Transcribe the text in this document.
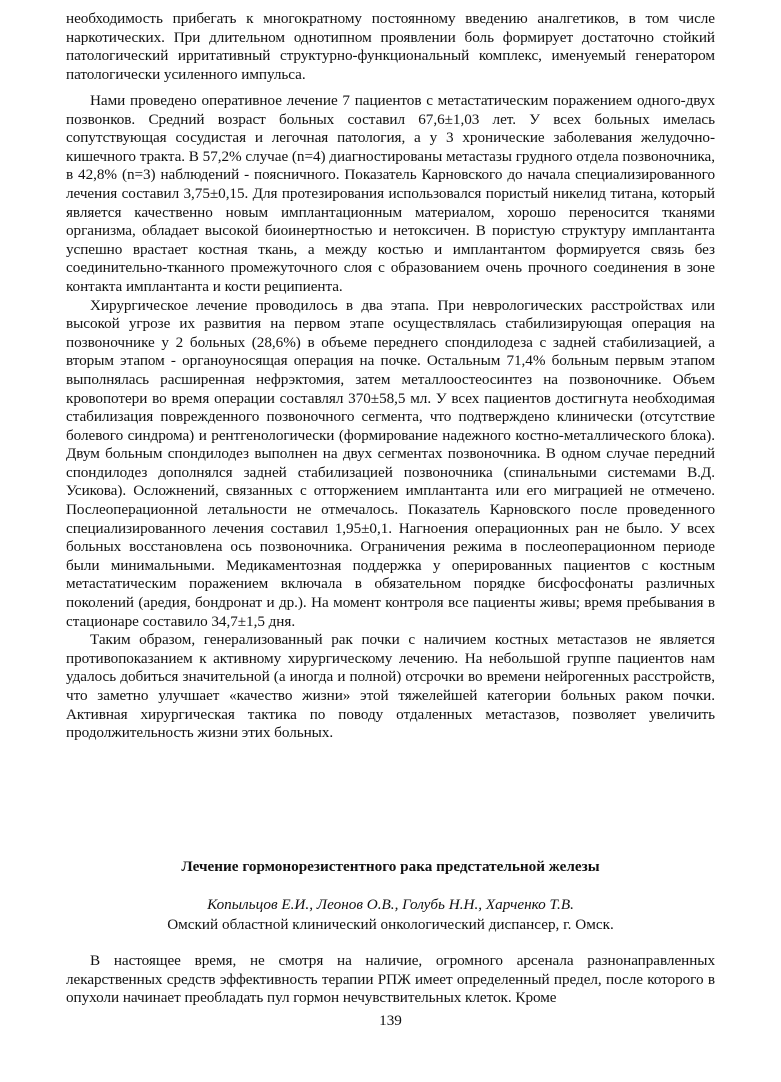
необходимость прибегать к многократному постоянному введению аналгетиков, в том числе наркотических. При длительном однотипном проявлении боль формирует достаточно стойкий патологический ирритативный структурно-функциональный комплекс, именуемый генератором патологически усиленного импульса.

Нами проведено оперативное лечение 7 пациентов с метастатическим поражением одного-двух позвонков. Средний возраст больных составил 67,6±1,03 лет. У всех больных имелась сопутствующая сосудистая и легочная патология, а у 3 хронические заболевания желудочно-кишечного тракта. В 57,2% случае (n=4) диагностированы метастазы грудного отдела позвоночника, в 42,8% (n=3) наблюдений - поясничного. Показатель Карновского до начала специализированного лечения составил 3,75±0,15. Для протезирования использовался пористый никелид титана, который является качественно новым имплантационным материалом, хорошо переносится тканями организма, обладает высокой биоинертностью и нетоксичен. В пористую структуру имплантанта успешно врастает костная ткань, а между костью и имплантантом формируется связь без соединительно-тканного промежуточного слоя с образованием очень прочного соединения в зоне контакта имплантанта и кости реципиента.

Хирургическое лечение проводилось в два этапа. При неврологических расстройствах или высокой угрозе их развития на первом этапе осуществлялась стабилизирующая операция на позвоночнике у 2 больных (28,6%) в объеме переднего спондилодеза с задней стабилизацией, а вторым этапом - органоуносящая операция на почке. Остальным 71,4% больным первым этапом выполнялась расширенная нефрэктомия, затем металлоостеосинтез на позвоночнике. Объем кровопотери во время операции составлял 370±58,5 мл. У всех пациентов достигнута необходимая стабилизация поврежденного позвоночного сегмента, что подтверждено клинически (отсутствие болевого синдрома) и рентгенологически (формирование надежного костно-металлического блока). Двум больным спондилодез выполнен на двух сегментах позвоночника. В одном случае передний спондилодез дополнялся задней стабилизацией позвоночника (спинальными системами В.Д. Усикова). Осложнений, связанных с отторжением имплантанта или его миграцией не отмечено. Послеоперационной летальности не отмечалось. Показатель Карновского после проведенного специализированного лечения составил 1,95±0,1. Нагноения операционных ран не было. У всех больных восстановлена ось позвоночника. Ограничения режима в послеоперационном периоде были минимальными. Медикаментозная поддержка у оперированных пациентов с костным метастатическим поражением включала в обязательном порядке бисфосфонаты различных поколений (аредия, бондронат и др.). На момент контроля все пациенты живы; время пребывания в стационаре составило 34,7±1,5 дня.

Таким образом, генерализованный рак почки с наличием костных метастазов не является противопоказанием к активному хирургическому лечению. На небольшой группе пациентов нам удалось добиться значительной (а иногда и полной) отсрочки во времени нейрогенных расстройств, что заметно улучшает «качество жизни» этой тяжелейшей категории больных раком почки. Активная хирургическая тактика по поводу отдаленных метастазов, позволяет увеличить продолжительность жизни этих больных.

Лечение гормонорезистентного рака предстательной железы

Копыльцов Е.И., Леонов О.В., Голубь Н.Н., Харченко Т.В.

Омский областной клинический онкологический диспансер, г. Омск.

В настоящее время, не смотря на наличие, огромного арсенала разнонаправленных лекарственных средств эффективность терапии РПЖ имеет определенный предел, после которого в опухоли начинает преобладать пул гормон нечувствительных клеток. Кроме

139
